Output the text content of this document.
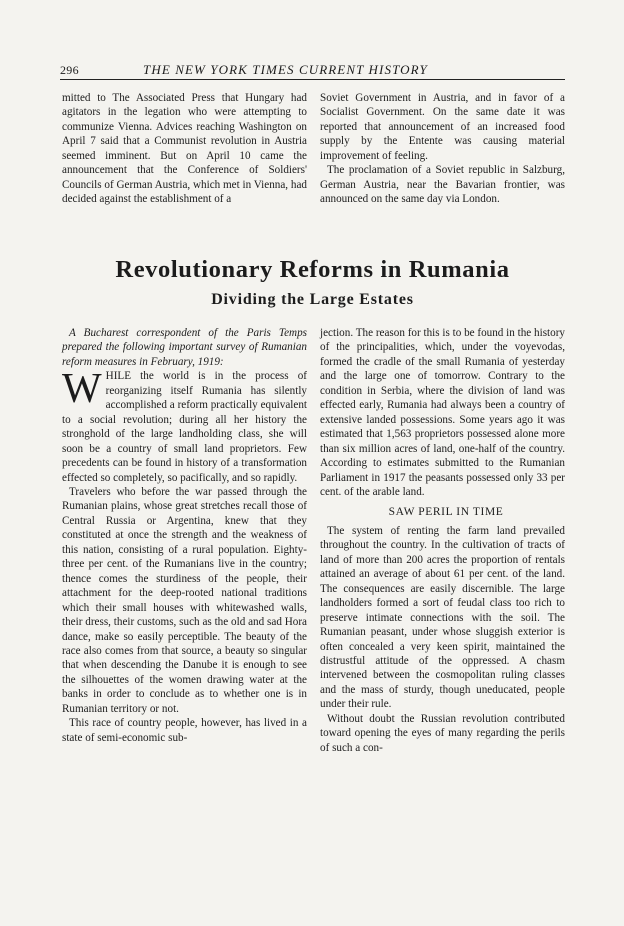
296	THE NEW YORK TIMES CURRENT HISTORY

mitted to The Associated Press that Hungary had agitators in the legation who were attempting to communize Vienna. Advices reaching Washington on April 7 said that a Communist revolution in Austria seemed imminent. But on April 10 came the announcement that the Conference of Soldiers' Councils of German Austria, which met in Vienna, had decided against the establishment of a

Soviet Government in Austria, and in favor of a Socialist Government. On the same date it was reported that announcement of an increased food supply by the Entente was causing material improvement of feeling.

The proclamation of a Soviet republic in Salzburg, German Austria, near the Bavarian frontier, was announced on the same day via London.

Revolutionary Reforms in Rumania
Dividing the Large Estates

A Bucharest correspondent of the Paris Temps prepared the following important survey of Rumanian reform measures in February, 1919:

WHILE the world is in the process of reorganizing itself Rumania has silently accomplished a reform practically equivalent to a social revolution; during all her history the stronghold of the large landholding class, she will soon be a country of small land proprietors. Few precedents can be found in history of a transformation effected so completely, so pacifically, and so rapidly.

Travelers who before the war passed through the Rumanian plains, whose great stretches recall those of Central Russia or Argentina, knew that they constituted at once the strength and the weakness of this nation, consisting of a rural population. Eighty-three per cent. of the Rumanians live in the country; thence comes the sturdiness of the people, their attachment for the deep-rooted national traditions which their small houses with whitewashed walls, their dress, their customs, such as the old and sad Hora dance, make so easily perceptible. The beauty of the race also comes from that source, a beauty so singular that when descending the Danube it is enough to see the silhouettes of the women drawing water at the banks in order to conclude as to whether one is in Rumanian territory or not.

This race of country people, however, has lived in a state of semi-economic sub-

jection. The reason for this is to be found in the history of the principalities, which, under the voyevodas, formed the cradle of the small Rumania of yesterday and the large one of tomorrow. Contrary to the condition in Serbia, where the division of land was effected early, Rumania had always been a country of extensive landed possessions. Some years ago it was estimated that 1,563 proprietors possessed alone more than six million acres of land, one-half of the country. According to estimates submitted to the Rumanian Parliament in 1917 the peasants possessed only 33 per cent. of the arable land.

SAW PERIL IN TIME

The system of renting the farm land prevailed throughout the country. In the cultivation of tracts of land of more than 200 acres the proportion of rentals attained an average of about 61 per cent. of the land. The consequences are easily discernible. The large landholders formed a sort of feudal class too rich to preserve intimate connections with the soil. The Rumanian peasant, under whose sluggish exterior is often concealed a very keen spirit, maintained the distrustful attitude of the oppressed. A chasm intervened between the cosmopolitan ruling classes and the mass of sturdy, though uneducated, people under their rule.

Without doubt the Russian revolution contributed toward opening the eyes of many regarding the perils of such a con-
